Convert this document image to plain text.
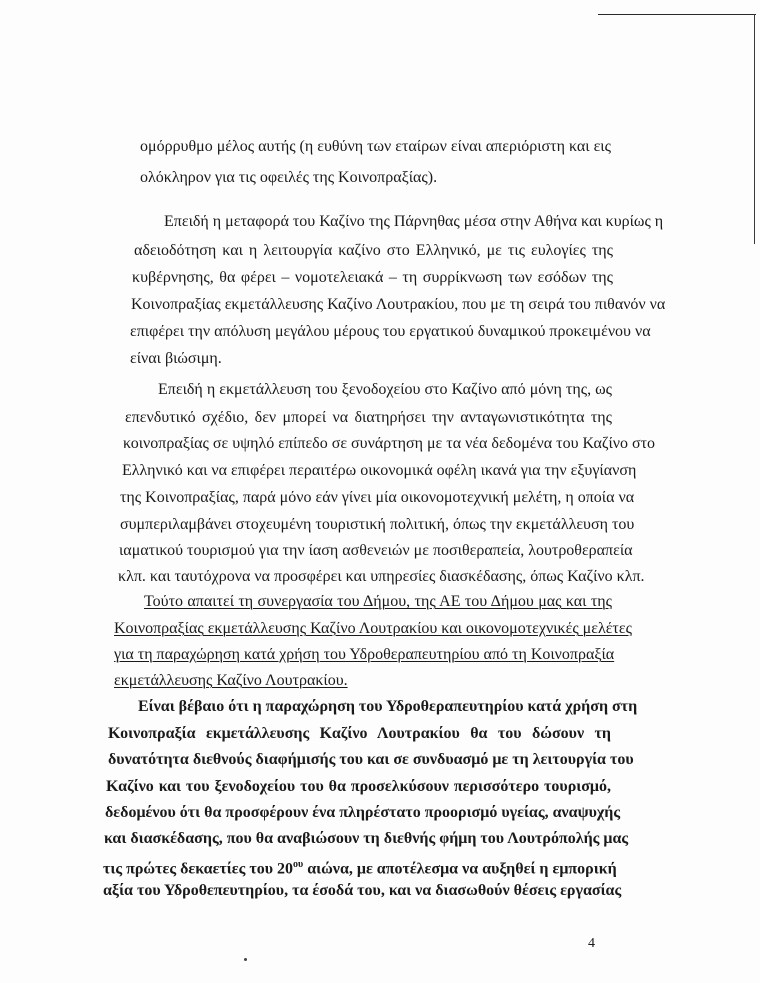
ομόρρυθμο μέλος αυτής (η ευθύνη των εταίρων είναι απεριόριστη και εις
ολόκληρον για τις οφειλές της Κοινοπραξίας).
Επειδή η μεταφορά του Καζίνο της Πάρνηθας μέσα στην Αθήνα και κυρίως η
αδειοδότηση και η λειτουργία καζίνο στο Ελληνικό, με τις ευλογίες της
κυβέρνησης, θα φέρει – νομοτελειακά – τη συρρίκνωση των εσόδων της
Κοινοπραξίας εκμετάλλευσης Καζίνο Λουτρακίου, που με τη σειρά του πιθανόν να
επιφέρει την απόλυση μεγάλου μέρους του εργατικού δυναμικού προκειμένου να
είναι βιώσιμη.
Επειδή η εκμετάλλευση του ξενοδοχείου στο Καζίνο από μόνη της, ως
επενδυτικό σχέδιο, δεν μπορεί να διατηρήσει την ανταγωνιστικότητα της
κοινοπραξίας σε υψηλό επίπεδο σε συνάρτηση με τα νέα δεδομένα του Καζίνο στο
Ελληνικό και να επιφέρει περαιτέρω οικονομικά οφέλη ικανά για την εξυγίανση
της Κοινοπραξίας, παρά μόνο εάν γίνει μία οικονομοτεχνική μελέτη, η οποία να
συμπεριλαμβάνει στοχευμένη τουριστική πολιτική, όπως την εκμετάλλευση του
ιαματικού τουρισμού για την ίαση ασθενειών με ποσιθεραπεία, λουτροθεραπεία
κλπ. και ταυτόχρονα να προσφέρει και υπηρεσίες διασκέδασης, όπως Καζίνο κλπ.
Τούτο απαιτεί τη συνεργασία του Δήμου, της ΑΕ του Δήμου μας και της
Κοινοπραξίας εκμετάλλευσης Καζίνο Λουτρακίου και οικονομοτεχνικές μελέτες
για τη παραχώρηση κατά χρήση του Υδροθεραπευτηρίου από τη Κοινοπραξία
εκμετάλλευσης Καζίνο Λουτρακίου.
Είναι βέβαιο ότι η παραχώρηση του Υδροθεραπευτηρίου κατά χρήση στη
Κοινοπραξία εκμετάλλευσης Καζίνο Λουτρακίου θα του δώσουν τη
δυνατότητα διεθνούς διαφήμισής του και σε συνδυασμό με τη λειτουργία του
Καζίνο και του ξενοδοχείου του θα προσελκύσουν περισσότερο τουρισμό,
δεδομένου ότι θα προσφέρουν ένα πληρέστατο προορισμό υγείας, αναψυχής
και διασκέδασης, που θα αναβιώσουν τη διεθνής φήμη του Λουτρόπολής μας
τις πρώτες δεκαετίες του $20^{o\upsilon}$ αιώνα, με αποτέλεσμα να αυξηθεί η εμπορική
αξία του Υδροθεπευτηρίου, τα έσοδά του, και να διασωθούν θέσεις εργασίας
4
